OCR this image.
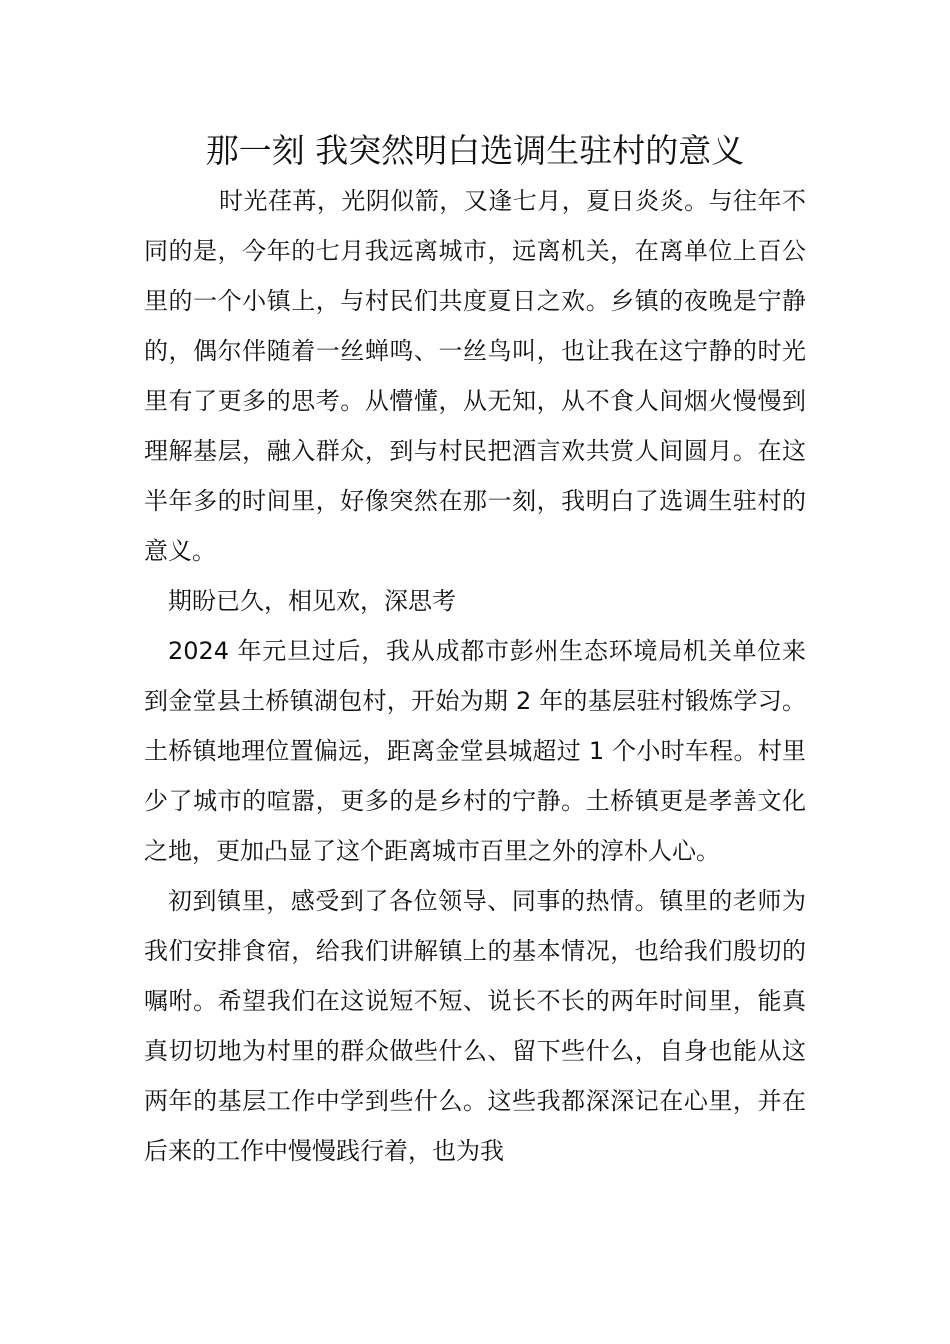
那一刻 我突然明白选调生驻村的意义

时光荏苒，光阴似箭，又逢七月，夏日炎炎。与往年不同的是，今年的七月我远离城市，远离机关，在离单位上百公里的一个小镇上，与村民们共度夏日之欢。乡镇的夜晚是宁静的，偶尔伴随着一丝蝉鸣、一丝鸟叫，也让我在这宁静的时光里有了更多的思考。从懵懂，从无知，从不食人间烟火慢慢到理解基层，融入群众，到与村民把酒言欢共赏人间圆月。在这半年多的时间里，好像突然在那一刻，我明白了选调生驻村的意义。

期盼已久，相见欢，深思考

2024 年元旦过后，我从成都市彭州生态环境局机关单位来到金堂县土桥镇湖包村，开始为期 2 年的基层驻村锻炼学习。土桥镇地理位置偏远，距离金堂县城超过 1 个小时车程。村里少了城市的喧嚣，更多的是乡村的宁静。土桥镇更是孝善文化之地，更加凸显了这个距离城市百里之外的淳朴人心。

初到镇里，感受到了各位领导、同事的热情。镇里的老师为我们安排食宿，给我们讲解镇上的基本情况，也给我们殷切的嘱咐。希望我们在这说短不短、说长不长的两年时间里，能真真切切地为村里的群众做些什么、留下些什么，自身也能从这两年的基层工作中学到些什么。这些我都深深记在心里，并在后来的工作中慢慢践行着，也为我
